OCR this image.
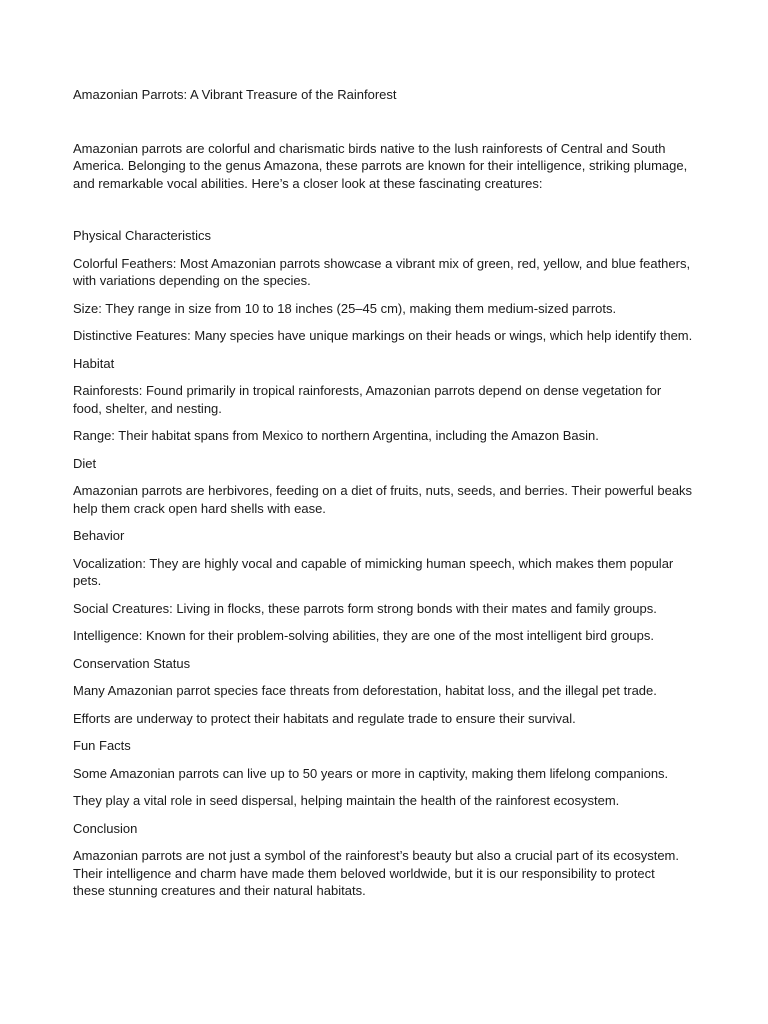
Amazonian Parrots: A Vibrant Treasure of the Rainforest

Amazonian parrots are colorful and charismatic birds native to the lush rainforests of Central and South

America. Belonging to the genus Amazona, these parrots are known for their intelligence, striking plumage,

and remarkable vocal abilities. Here’s a closer look at these fascinating creatures:

Physical Characteristics

Colorful Feathers: Most Amazonian parrots showcase a vibrant mix of green, red, yellow, and blue feathers,

with variations depending on the species.

Size: They range in size from 10 to 18 inches (25–45 cm), making them medium-sized parrots.

Distinctive Features: Many species have unique markings on their heads or wings, which help identify them.

Habitat

Rainforests: Found primarily in tropical rainforests, Amazonian parrots depend on dense vegetation for

food, shelter, and nesting.

Range: Their habitat spans from Mexico to northern Argentina, including the Amazon Basin.

Diet

Amazonian parrots are herbivores, feeding on a diet of fruits, nuts, seeds, and berries. Their powerful beaks

help them crack open hard shells with ease.

Behavior

Vocalization: They are highly vocal and capable of mimicking human speech, which makes them popular

pets.

Social Creatures: Living in flocks, these parrots form strong bonds with their mates and family groups.

Intelligence: Known for their problem-solving abilities, they are one of the most intelligent bird groups.

Conservation Status

Many Amazonian parrot species face threats from deforestation, habitat loss, and the illegal pet trade.

Efforts are underway to protect their habitats and regulate trade to ensure their survival.

Fun Facts

Some Amazonian parrots can live up to 50 years or more in captivity, making them lifelong companions.

They play a vital role in seed dispersal, helping maintain the health of the rainforest ecosystem.

Conclusion

Amazonian parrots are not just a symbol of the rainforest’s beauty but also a crucial part of its ecosystem.

Their intelligence and charm have made them beloved worldwide, but it is our responsibility to protect

these stunning creatures and their natural habitats.
